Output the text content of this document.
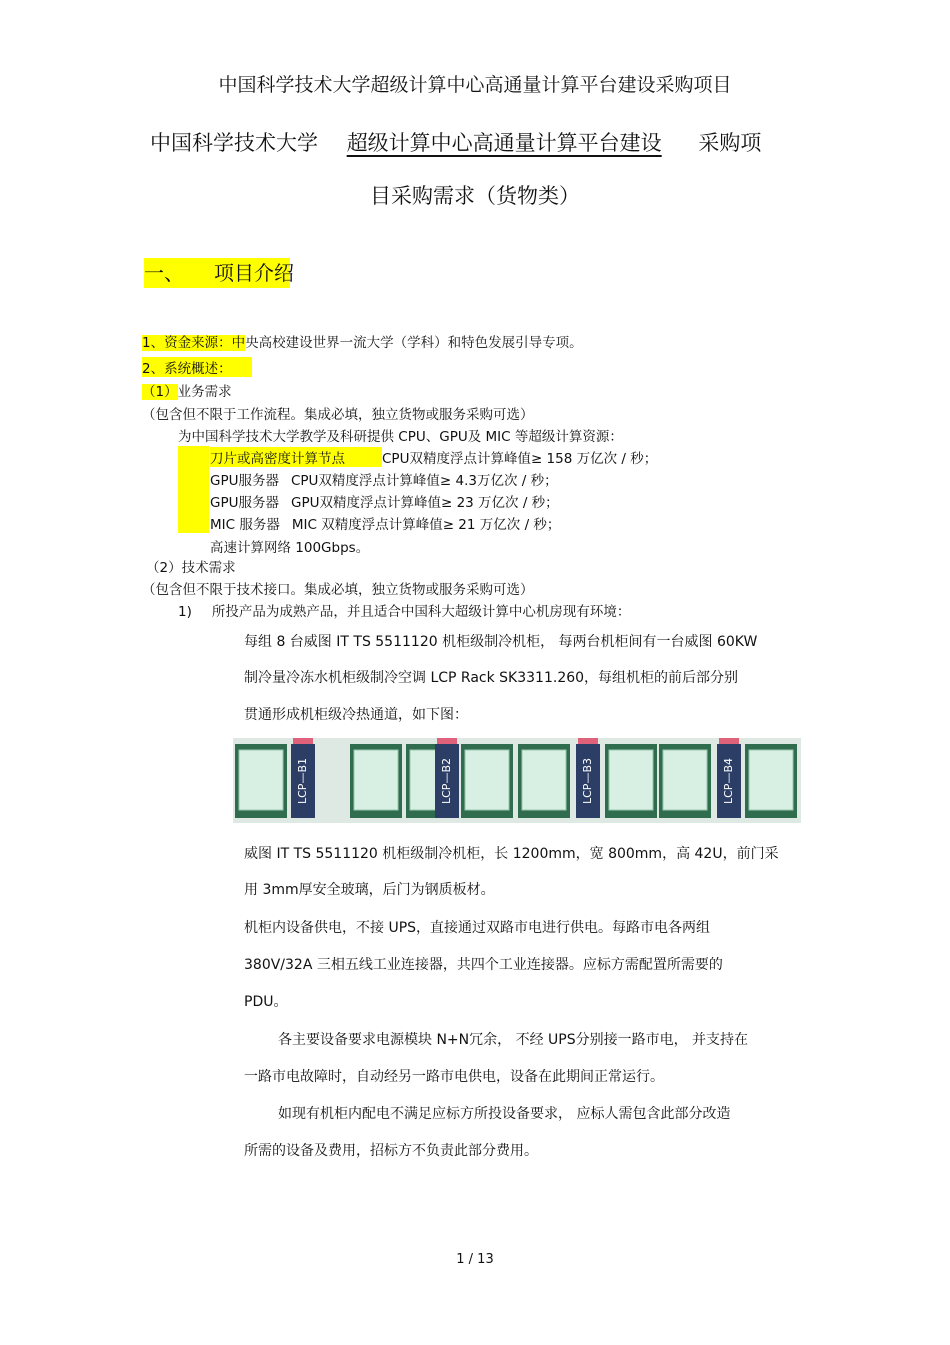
中国科学技术大学超级计算中心高通量计算平台建设采购项目
中国科学技术大学 超级计算中心高通量计算平台建设 采购项
目采购需求（货物类）
一、 项目介绍
1、资金来源：中央高校建设世界一流大学（学科）和特色发展引导专项。
2、系统概述：
（1）业务需求
（包含但不限于工作流程。集成必填，独立货物或服务采购可选）
为中国科学技术大学教学及科研提供 CPU、GPU及 MIC 等超级计算资源：
刀片或高密度计算节点	CPU双精度浮点计算峰值≥ 158 万亿次 / 秒；
GPU服务器 CPU双精度浮点计算峰值≥ 4.3万亿次 / 秒；
GPU服务器 GPU双精度浮点计算峰值≥ 23 万亿次 / 秒；
MIC 服务器 MIC 双精度浮点计算峰值≥ 21 万亿次 / 秒；
高速计算网络 100Gbps。
（2）技术需求
（包含但不限于技术接口。集成必填，独立货物或服务采购可选）
1) 所投产品为成熟产品，并且适合中国科大超级计算中心机房现有环境：
每组 8 台威图 IT TS 5511120 机柜级制冷机柜， 每两台机柜间有一台威图 60KW
制冷量冷冻水机柜级制冷空调 LCP Rack SK3311.260，每组机柜的前后部分别
贯通形成机柜级冷热通道，如下图：
LCP—B1	LCP—B2	LCP—B3	LCP—B4
威图 IT TS 5511120 机柜级制冷机柜，长 1200mm，宽 800mm，高 42U，前门采
用 3mm厚安全玻璃，后门为钢质板材。
机柜内设备供电，不接 UPS，直接通过双路市电进行供电。每路市电各两组
380V/32A 三相五线工业连接器，共四个工业连接器。应标方需配置所需要的
PDU。
各主要设备要求电源模块 N+N冗余， 不经 UPS分别接一路市电， 并支持在
一路市电故障时，自动经另一路市电供电，设备在此期间正常运行。
如现有机柜内配电不满足应标方所投设备要求， 应标人需包含此部分改造
所需的设备及费用，招标方不负责此部分费用。
1 / 13
